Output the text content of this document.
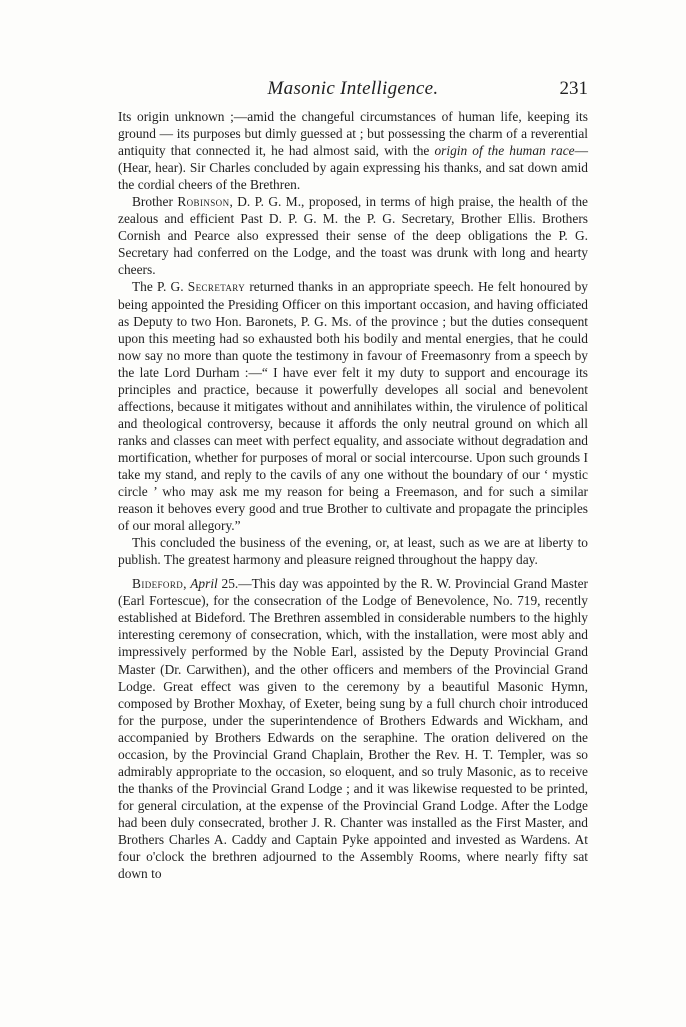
Masonic Intelligence.	231

Its origin unknown ;—amid the changeful circumstances of human life, keeping its ground — its purposes but dimly guessed at ; but possessing the charm of a reverential antiquity that connected it, he had almost said, with the origin of the human race—(Hear, hear). Sir Charles concluded by again expressing his thanks, and sat down amid the cordial cheers of the Brethren.

Brother Robinson, D. P. G. M., proposed, in terms of high praise, the health of the zealous and efficient Past D. P. G. M. the P. G. Secretary, Brother Ellis. Brothers Cornish and Pearce also expressed their sense of the deep obligations the P. G. Secretary had conferred on the Lodge, and the toast was drunk with long and hearty cheers.

The P. G. Secretary returned thanks in an appropriate speech. He felt honoured by being appointed the Presiding Officer on this important occasion, and having officiated as Deputy to two Hon. Baronets, P. G. Ms. of the province ; but the duties consequent upon this meeting had so exhausted both his bodily and mental energies, that he could now say no more than quote the testimony in favour of Freemasonry from a speech by the late Lord Durham :—“ I have ever felt it my duty to support and encourage its principles and practice, because it powerfully developes all social and benevolent affections, because it mitigates without and annihilates within, the virulence of political and theological controversy, because it affords the only neutral ground on which all ranks and classes can meet with perfect equality, and associate without degradation and mortification, whether for purposes of moral or social intercourse. Upon such grounds I take my stand, and reply to the cavils of any one without the boundary of our ‘ mystic circle ’ who may ask me my reason for being a Freemason, and for such a similar reason it behoves every good and true Brother to cultivate and propagate the principles of our moral allegory.”

This concluded the business of the evening, or, at least, such as we are at liberty to publish. The greatest harmony and pleasure reigned throughout the happy day.

Bideford, April 25.—This day was appointed by the R. W. Provincial Grand Master (Earl Fortescue), for the consecration of the Lodge of Benevolence, No. 719, recently established at Bideford. The Brethren assembled in considerable numbers to the highly interesting ceremony of consecration, which, with the installation, were most ably and impressively performed by the Noble Earl, assisted by the Deputy Provincial Grand Master (Dr. Carwithen), and the other officers and members of the Provincial Grand Lodge. Great effect was given to the ceremony by a beautiful Masonic Hymn, composed by Brother Moxhay, of Exeter, being sung by a full church choir introduced for the purpose, under the superintendence of Brothers Edwards and Wickham, and accompanied by Brothers Edwards on the seraphine. The oration delivered on the occasion, by the Provincial Grand Chaplain, Brother the Rev. H. T. Templer, was so admirably appropriate to the occasion, so eloquent, and so truly Masonic, as to receive the thanks of the Provincial Grand Lodge ; and it was likewise requested to be printed, for general circulation, at the expense of the Provincial Grand Lodge. After the Lodge had been duly consecrated, brother J. R. Chanter was installed as the First Master, and Brothers Charles A. Caddy and Captain Pyke appointed and invested as Wardens. At four o'clock the brethren adjourned to the Assembly Rooms, where nearly fifty sat down to
